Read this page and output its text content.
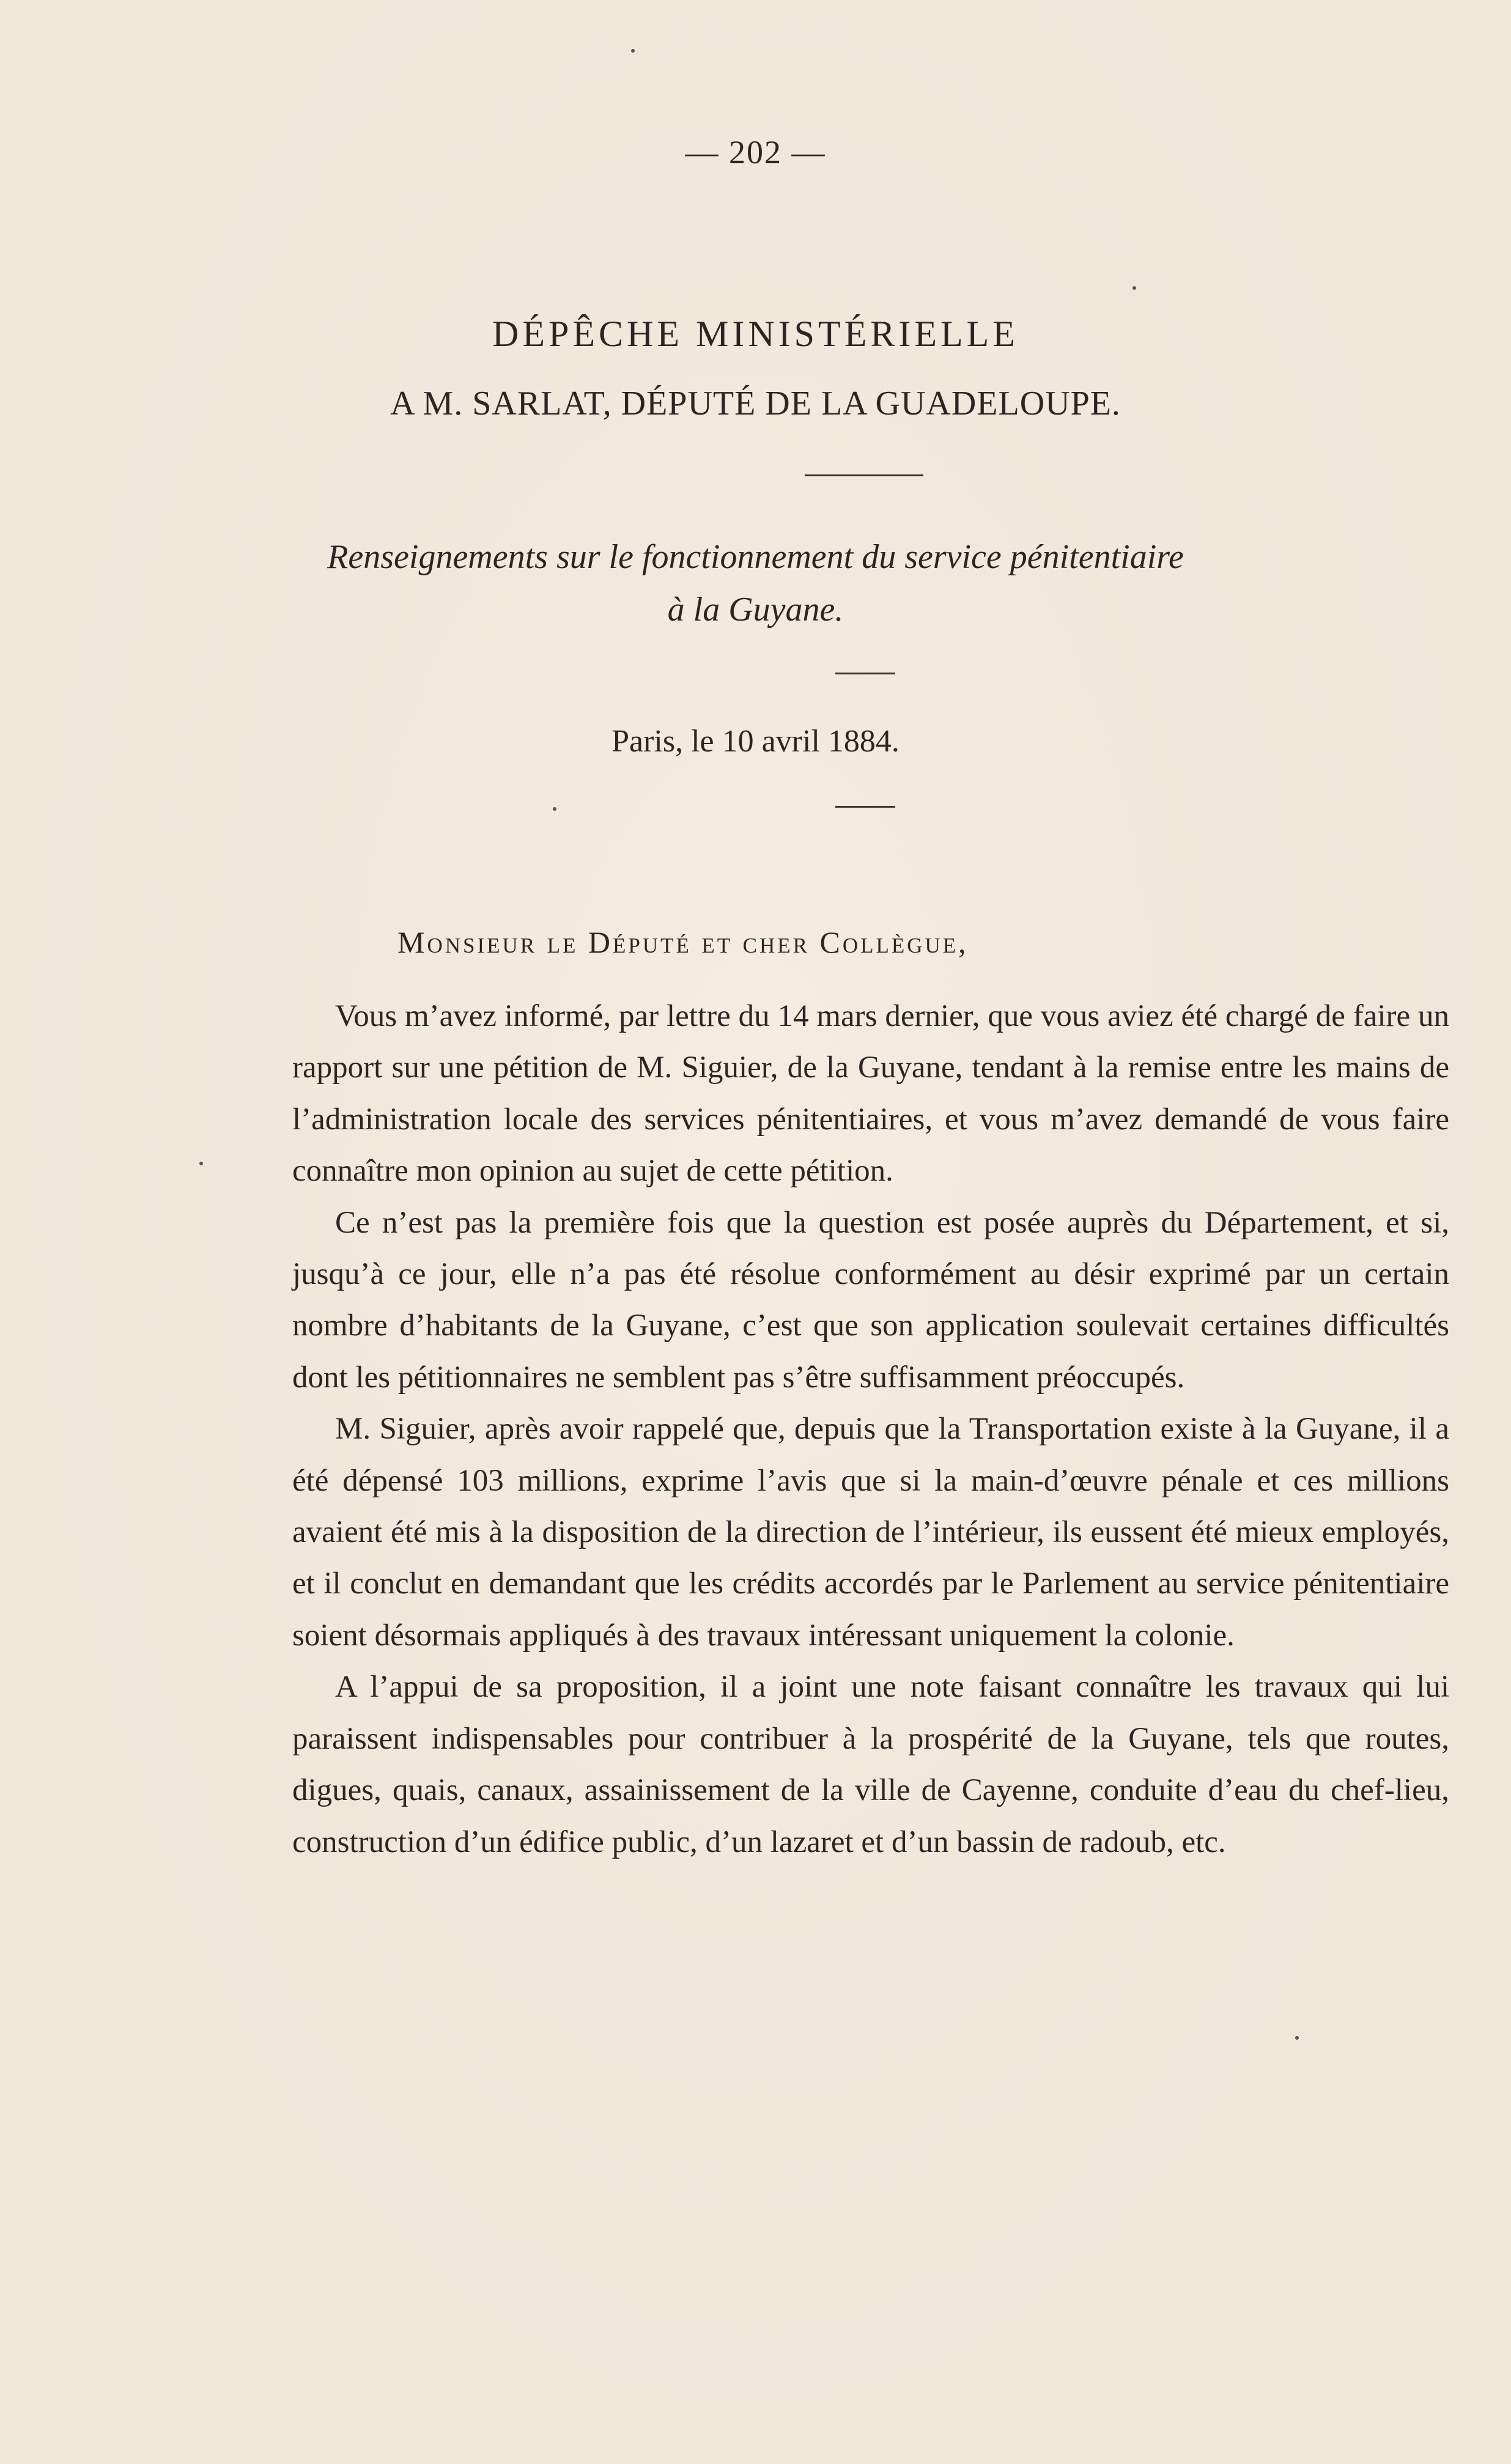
— 202 —
DÉPÊCHE MINISTÉRIELLE
A M. SARLAT, DÉPUTÉ DE LA GUADELOUPE.
Renseignements sur le fonctionnement du service pénitentiaire
à la Guyane.
Paris, le 10 avril 1884.
Monsieur le Député et cher Collègue,

Vous m’avez informé, par lettre du 14 mars dernier, que vous aviez été chargé de faire un rapport sur une pétition de M. Siguier, de la Guyane, tendant à la remise entre les mains de l’administration locale des services pénitentiaires, et vous m’avez demandé de vous faire connaître mon opinion au sujet de cette pétition.

Ce n’est pas la première fois que la question est posée auprès du Département, et si, jusqu’à ce jour, elle n’a pas été résolue conformément au désir exprimé par un certain nombre d’habitants de la Guyane, c’est que son application soulevait certaines difficultés dont les pétitionnaires ne semblent pas s’être suffisamment préoccupés.

M. Siguier, après avoir rappelé que, depuis que la Transportation existe à la Guyane, il a été dépensé 103 millions, exprime l’avis que si la main-d’œuvre pénale et ces millions avaient été mis à la disposition de la direction de l’intérieur, ils eussent été mieux employés, et il conclut en demandant que les crédits accordés par le Parlement au service pénitentiaire soient désormais appliqués à des travaux intéressant uniquement la colonie.

A l’appui de sa proposition, il a joint une note faisant connaître les travaux qui lui paraissent indispensables pour contribuer à la prospérité de la Guyane, tels que routes, digues, quais, canaux, assainissement de la ville de Cayenne, conduite d’eau du chef-lieu, construction d’un édifice public, d’un lazaret et d’un bassin de radoub, etc.
